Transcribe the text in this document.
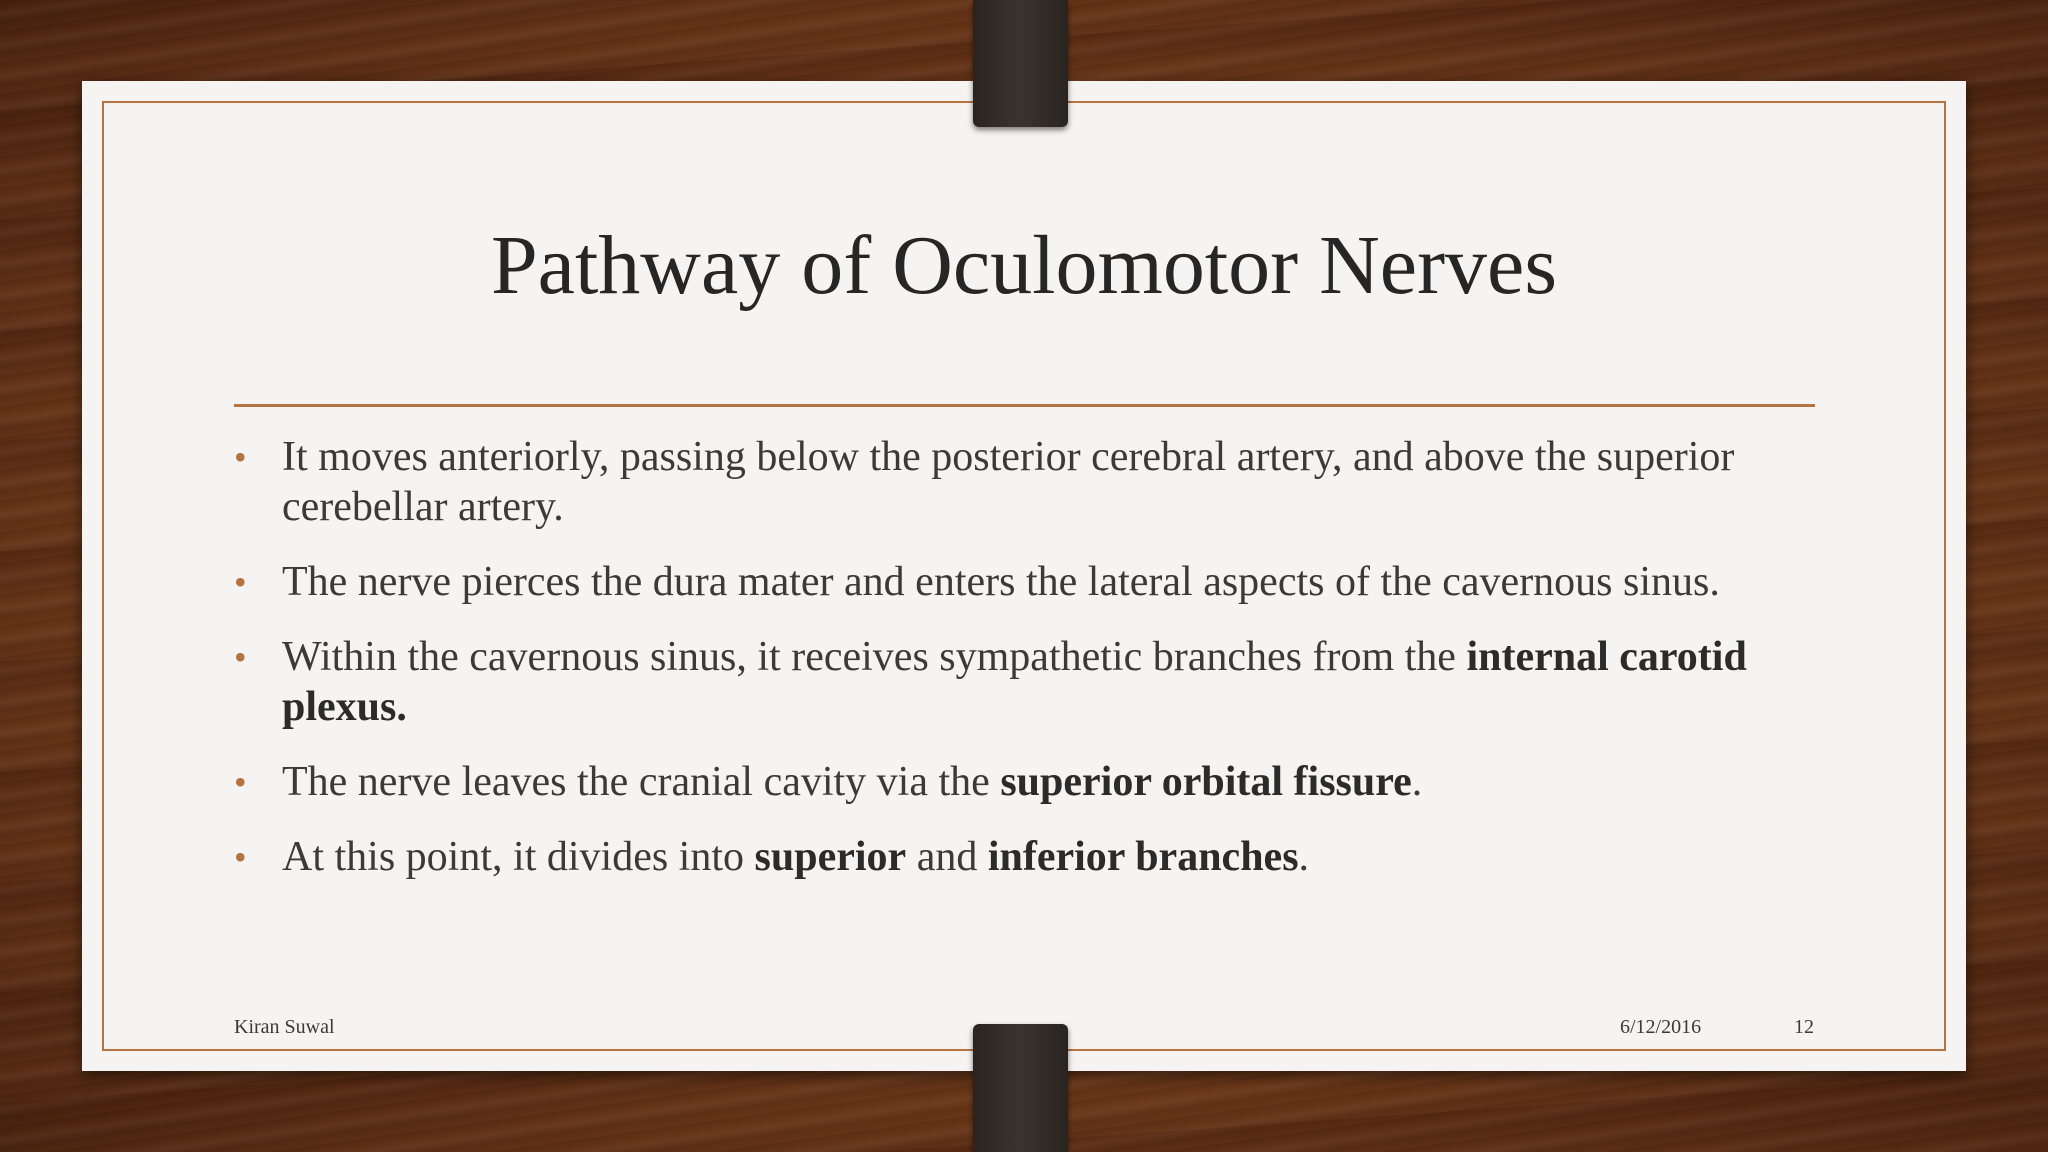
Pathway of Oculomotor Nerves
• It moves anteriorly, passing below the posterior cerebral artery, and above the superior cerebellar artery.
• The nerve pierces the dura mater and enters the lateral aspects of the cavernous sinus.
• Within the cavernous sinus, it receives sympathetic branches from the internal carotid plexus.
• The nerve leaves the cranial cavity via the superior orbital fissure.
• At this point, it divides into superior and inferior branches.
Kiran Suwal	6/12/2016	12
